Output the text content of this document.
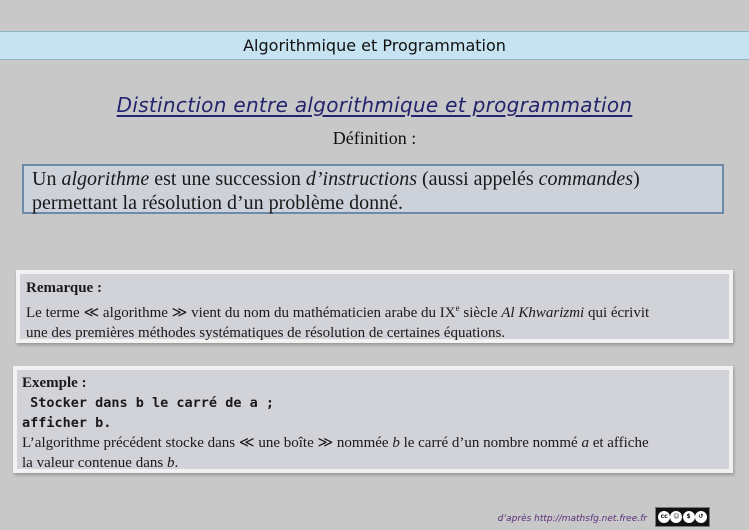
Algorithmique et Programmation
Distinction entre algorithmique et programmation
Définition :
Un algorithme est une succession d’instructions (aussi appelés commandes)
permettant la résolution d’un problème donné.
Remarque :
Le terme ≪ algorithme ≫ vient du nom du mathématicien arabe du IXe siècle Al Khwarizmi qui écrivit
une des premières méthodes systématiques de résolution de certaines équations.
Exemple :
Stocker dans b le carré de a ;
afficher b.
L’algorithme précédent stocke dans ≪ une boîte ≫ nommée b le carré d’un nombre nommé a et affiche
la valeur contenue dans b.
d’après http://mathsfg.net.free.fr	cc ☺	$	↺
